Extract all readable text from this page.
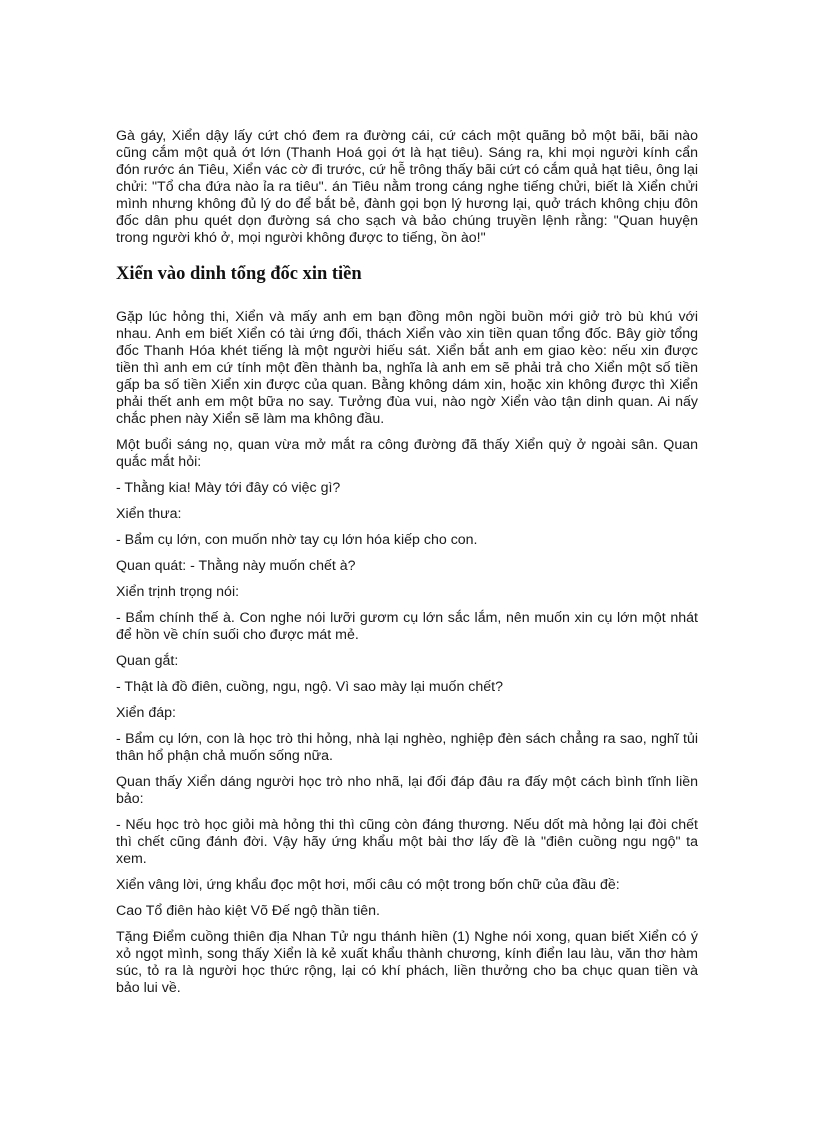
Gà gáy, Xiển dậy lấy cứt chó đem ra đường cái, cứ cách một quãng bỏ một bãi, bãi nào cũng cắm một quả ớt lớn (Thanh Hoá gọi ớt là hạt tiêu). Sáng ra, khi mọi người kính cẩn đón rước án Tiêu, Xiển vác cờ đi trước, cứ hễ trông thấy bãi cứt có cắm quả hạt tiêu, ông lại chửi: "Tổ cha đứa nào ỉa ra tiêu". án Tiêu nằm trong cáng nghe tiếng chửi, biết là Xiển chửi mình nhưng không đủ lý do để bắt bẻ, đành gọi bọn lý hương lại, quở trách không chịu đôn đốc dân phu quét dọn đường sá cho sạch và bảo chúng truyền lệnh rằng: "Quan huyện trong người khó ở, mọi người không được to tiếng, ồn ào!"

Xiển vào dinh tổng đốc xin tiền

Gặp lúc hỏng thi, Xiển và mấy anh em bạn đồng môn ngồi buồn mới giở trò bù khú với nhau. Anh em biết Xiển có tài ứng đối, thách Xiển vào xin tiền quan tổng đốc. Bây giờ tổng đốc Thanh Hóa khét tiếng là một người hiếu sát. Xiển bắt anh em giao kèo: nếu xin được tiền thì anh em cứ tính một đền thành ba, nghĩa là anh em sẽ phải trả cho Xiển một số tiền gấp ba số tiền Xiển xin được của quan. Bằng không dám xin, hoặc xin không được thì Xiển phải thết anh em một bữa no say. Tưởng đùa vui, nào ngờ Xiển vào tận dinh quan. Ai nấy chắc phen này Xiển sẽ làm ma không đầu.

Một buổi sáng nọ, quan vừa mở mắt ra công đường đã thấy Xiển quỳ ở ngoài sân. Quan quắc mắt hỏi:

- Thằng kia! Mày tới đây có việc gì?

Xiển thưa:

- Bẩm cụ lớn, con muốn nhờ tay cụ lớn hóa kiếp cho con.

Quan quát: - Thằng này muốn chết à?

Xiển trịnh trọng nói:

- Bẩm chính thế à. Con nghe nói lưỡi gươm cụ lớn sắc lắm, nên muốn xin cụ lớn một nhát để hồn về chín suối cho được mát mẻ.

Quan gắt:

- Thật là đồ điên, cuồng, ngu, ngộ. Vì sao mày lại muốn chết?

Xiển đáp:

- Bẩm cụ lớn, con là học trò thi hỏng, nhà lại nghèo, nghiệp đèn sách chẳng ra sao, nghĩ tủi thân hổ phận chả muốn sống nữa.

Quan thấy Xiển dáng người học trò nho nhã, lại đối đáp đâu ra đấy một cách bình tĩnh liền bảo:

- Nếu học trò học giỏi mà hỏng thi thì cũng còn đáng thương. Nếu dốt mà hỏng lại đòi chết thì chết cũng đánh đời. Vậy hãy ứng khẩu một bài thơ lấy đề là "điên cuồng ngu ngộ" ta xem.

Xiển vâng lời, ứng khẩu đọc một hơi, mối câu có một trong bốn chữ của đầu đề:

Cao Tổ điên hào kiệt Võ Đế ngộ thần tiên.

Tặng Điểm cuồng thiên địa Nhan Tử ngu thánh hiền (1) Nghe nói xong, quan biết Xiển có ý xỏ ngọt mình, song thấy Xiển là kẻ xuất khẩu thành chương, kính điển lau làu, văn thơ hàm súc, tỏ ra là người học thức rộng, lại có khí phách, liền thưởng cho ba chục quan tiền và bảo lui về.
